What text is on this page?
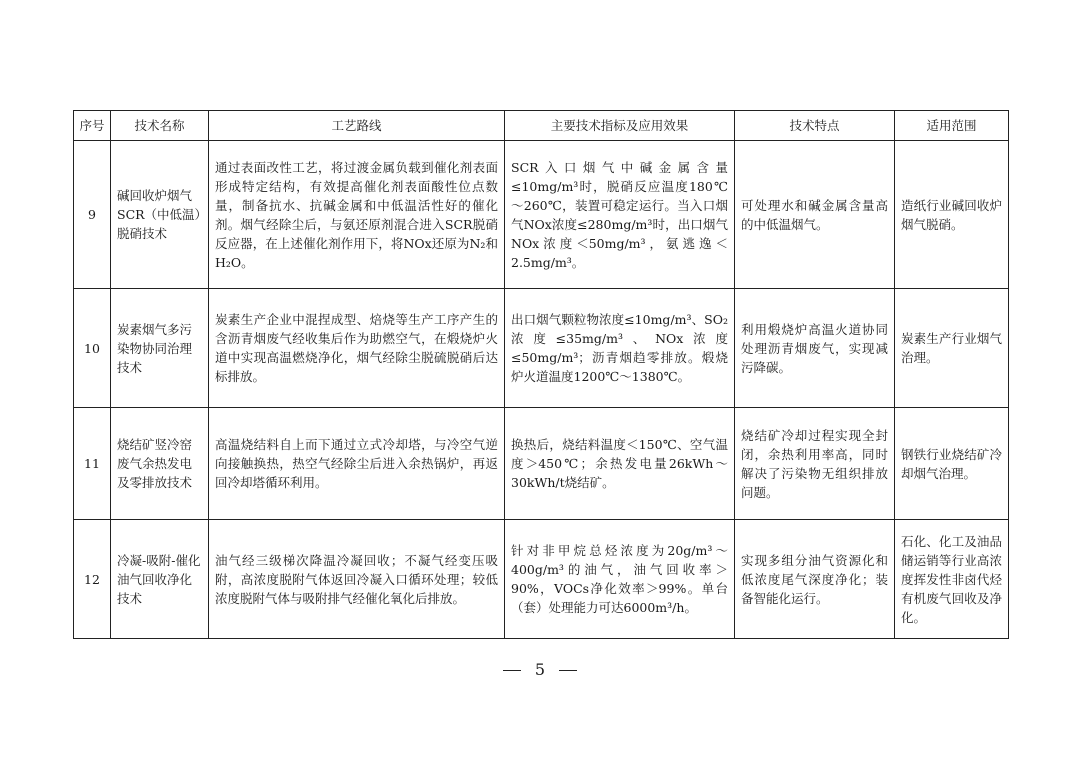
序号	技术名称	工艺路线	主要技术指标及应用效果	技术特点	适用范围
9	碱回收炉烟气SCR（中低温）脱硝技术	通过表面改性工艺，将过渡金属负载到催化剂表面形成特定结构，有效提高催化剂表面酸性位点数量，制备抗水、抗碱金属和中低温活性好的催化剂。烟气经除尘后，与氨还原剂混合进入SCR脱硝反应器，在上述催化剂作用下，将NOx还原为N₂和H₂O。	SCR入口烟气中碱金属含量≤10mg/m³时，脱硝反应温度180℃～260℃，装置可稳定运行。当入口烟气NOx浓度≤280mg/m³时，出口烟气NOx浓度＜50mg/m³，氨逃逸＜2.5mg/m³。	可处理水和碱金属含量高的中低温烟气。	造纸行业碱回收炉烟气脱硝。
10	炭素烟气多污染物协同治理技术	炭素生产企业中混捏成型、焙烧等生产工序产生的含沥青烟废气经收集后作为助燃空气，在煅烧炉火道中实现高温燃烧净化，烟气经除尘脱硫脱硝后达标排放。	出口烟气颗粒物浓度≤10mg/m³、SO₂浓度≤35mg/m³、NOx浓度≤50mg/m³；沥青烟趋零排放。煅烧炉火道温度1200℃～1380℃。	利用煅烧炉高温火道协同处理沥青烟废气，实现减污降碳。	炭素生产行业烟气治理。
11	烧结矿竖冷窑废气余热发电及零排放技术	高温烧结料自上而下通过立式冷却塔，与冷空气逆向接触换热，热空气经除尘后进入余热锅炉，再返回冷却塔循环利用。	换热后，烧结料温度＜150℃、空气温度＞450℃；余热发电量26kWh～30kWh/t烧结矿。	烧结矿冷却过程实现全封闭，余热利用率高，同时解决了污染物无组织排放问题。	钢铁行业烧结矿冷却烟气治理。
12	冷凝-吸附-催化油气回收净化技术	油气经三级梯次降温冷凝回收；不凝气经变压吸附，高浓度脱附气体返回冷凝入口循环处理；较低浓度脱附气体与吸附排气经催化氧化后排放。	针对非甲烷总烃浓度为20g/m³～400g/m³的油气，油气回收率＞90%，VOCs净化效率＞99%。单台（套）处理能力可达6000m³/h。	实现多组分油气资源化和低浓度尾气深度净化；装备智能化运行。	石化、化工及油品储运销等行业高浓度挥发性非卤代烃有机废气回收及净化。
5
